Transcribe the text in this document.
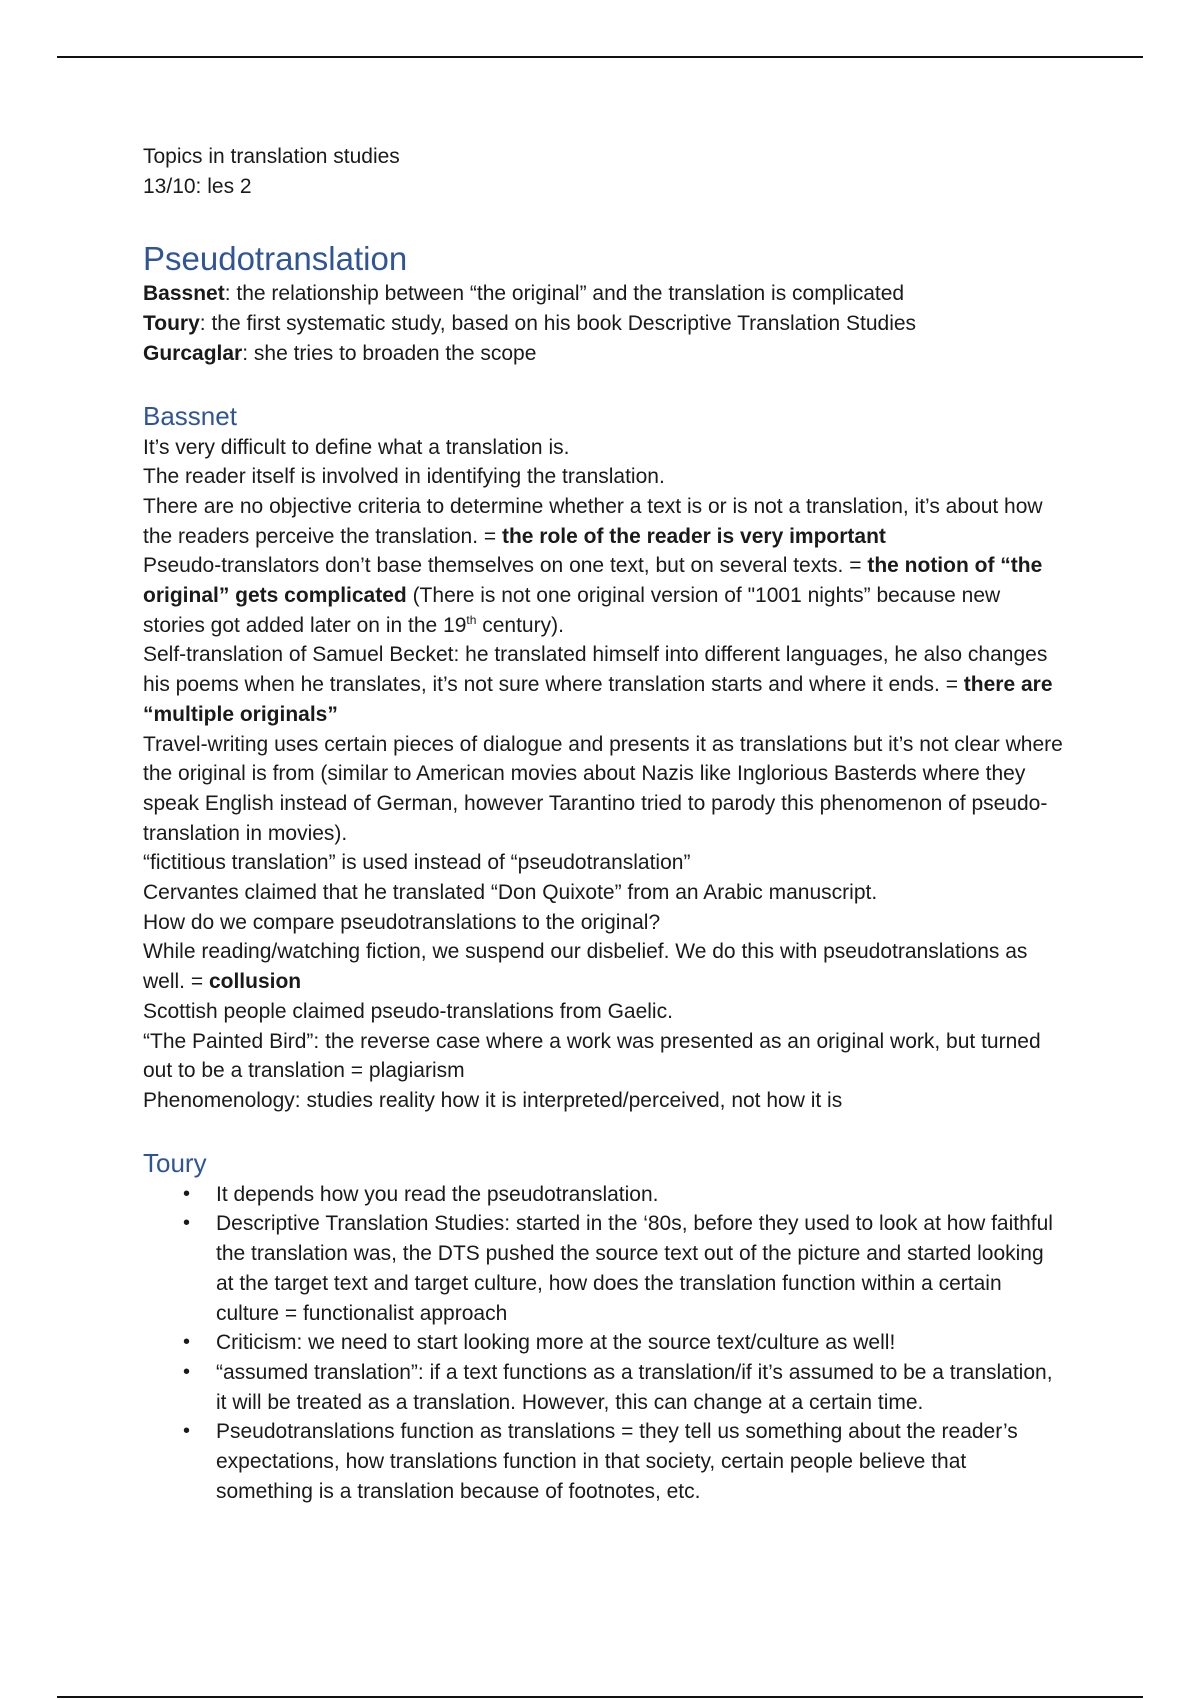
Topics in translation studies

13/10: les 2

Pseudotranslation

Bassnet: the relationship between “the original” and the translation is complicated

Toury: the first systematic study, based on his book Descriptive Translation Studies

Gurcaglar: she tries to broaden the scope

Bassnet

It’s very difficult to define what a translation is.

The reader itself is involved in identifying the translation.

There are no objective criteria to determine whether a text is or is not a translation, it’s about how the readers perceive the translation. = the role of the reader is very important

Pseudo-translators don’t base themselves on one text, but on several texts. = the notion of “the original” gets complicated (There is not one original version of "1001 nights” because new stories got added later on in the 19th century).

Self-translation of Samuel Becket: he translated himself into different languages, he also changes his poems when he translates, it’s not sure where translation starts and where it ends. = there are “multiple originals”

Travel-writing uses certain pieces of dialogue and presents it as translations but it’s not clear where the original is from (similar to American movies about Nazis like Inglorious Basterds where they speak English instead of German, however Tarantino tried to parody this phenomenon of pseudo-translation in movies).

“fictitious translation” is used instead of “pseudotranslation”

Cervantes claimed that he translated “Don Quixote” from an Arabic manuscript.

How do we compare pseudotranslations to the original?

While reading/watching fiction, we suspend our disbelief. We do this with pseudotranslations as well. = collusion

Scottish people claimed pseudo-translations from Gaelic.

“The Painted Bird”: the reverse case where a work was presented as an original work, but turned out to be a translation = plagiarism

Phenomenology: studies reality how it is interpreted/perceived, not how it is

Toury
• It depends how you read the pseudotranslation.
• Descriptive Translation Studies: started in the ‘80s, before they used to look at how faithful the translation was, the DTS pushed the source text out of the picture and started looking at the target text and target culture, how does the translation function within a certain culture = functionalist approach
• Criticism: we need to start looking more at the source text/culture as well!
• “assumed translation”: if a text functions as a translation/if it’s assumed to be a translation, it will be treated as a translation. However, this can change at a certain time.
• Pseudotranslations function as translations = they tell us something about the reader’s expectations, how translations function in that society, certain people believe that something is a translation because of footnotes, etc.
